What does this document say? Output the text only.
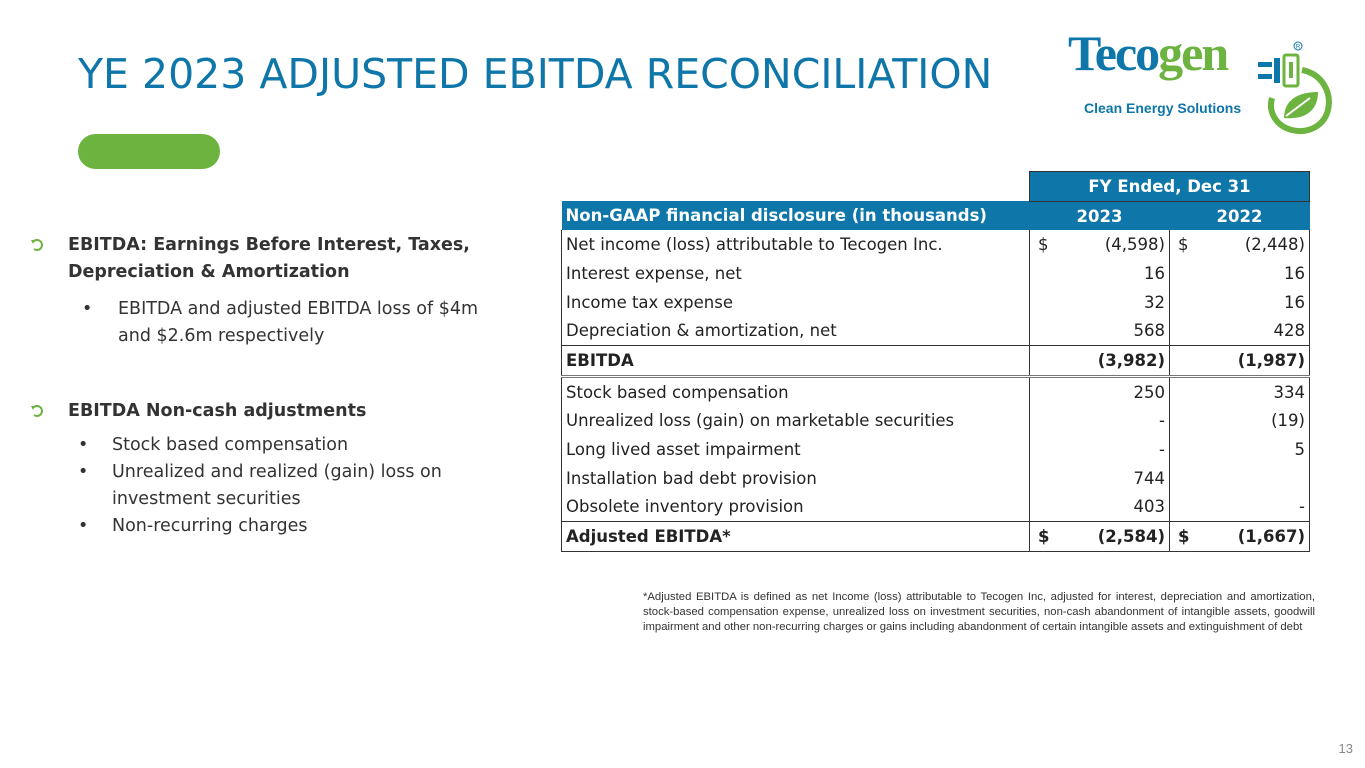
YE 2023 ADJUSTED EBITDA RECONCILIATION Tecogen	R
Clean Energy Solutions
EBITDA: Earnings Before Interest, Taxes, Depreciation & Amortization
• EBITDA and adjusted EBITDA loss of $4m and $2.6m respectively
EBITDA Non-cash adjustments
• Stock based compensation
• Unrealized and realized (gain) loss on investment securities
• Non-recurring charges
	FY Ended, Dec 31	
Non-GAAP financial disclosure (in thousands)	2023	2022
Net income (loss) attributable to Tecogen Inc.	$ (4,598)	$ (2,448)
Interest expense, net	16	16
Income tax expense	32	16
Depreciation & amortization, net	568	428
EBITDA	(3,982)	(1,987)
Stock based compensation	250	334
Unrealized loss (gain) on marketable securities	-	(19)
Long lived asset impairment	-	5
Installation bad debt provision	744	
Obsolete inventory provision	403	-
Adjusted EBITDA*	$ (2,584)	$ (1,667)

*Adjusted EBITDA is defined as net Income (loss) attributable to Tecogen Inc, adjusted for interest, depreciation and amortization, stock-based compensation expense, unrealized loss on investment securities, non-cash abandonment of intangible assets, goodwill impairment and other non-recurring charges or gains including abandonment of certain intangible assets and extinguishment of debt

13
